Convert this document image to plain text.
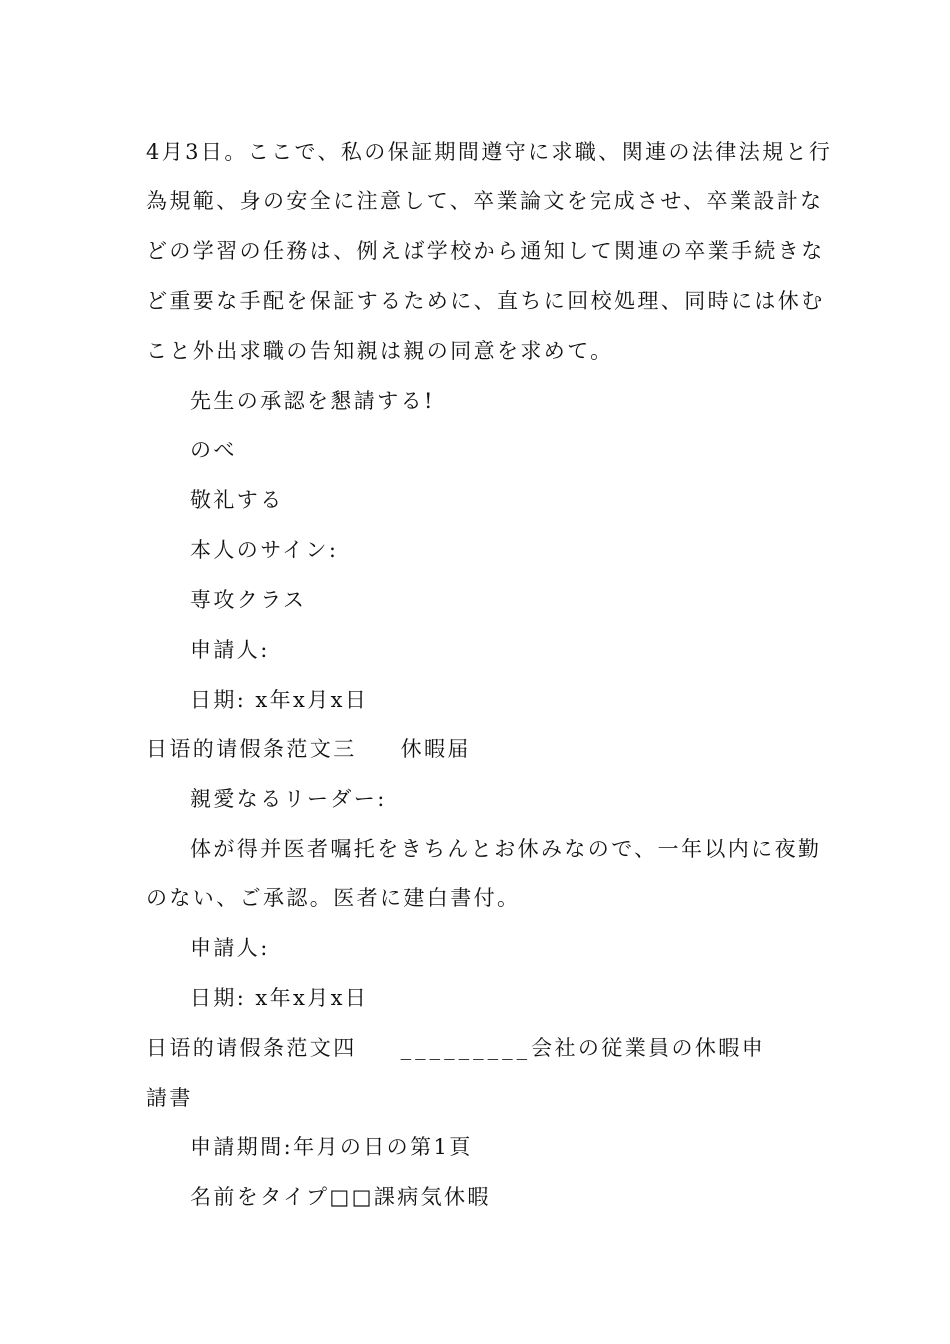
4月3日。ここで、私の保証期間遵守に求職、関連の法律法規と行
為規範、身の安全に注意して、卒業論文を完成させ、卒業設計な
どの学習の任務は、例えば学校から通知して関連の卒業手続きな
ど重要な手配を保証するために、直ちに回校処理、同時には休む
こと外出求職の告知親は親の同意を求めて。
先生の承認を懇請する!
のべ
敬礼する
本人のサイン:
専攻クラス
申請人:
日期: x年x月x日
日语的请假条范文三 休暇届
親愛なるリーダー:
体が得并医者嘱托をきちんとお休みなので、一年以内に夜勤
のない、ご承認。医者に建白書付。
申請人:
日期: x年x月x日
日语的请假条范文四 _________会社の従業員の休暇申
請書
申請期間:年月の日の第1頁
名前をタイプ□□課病気休暇
